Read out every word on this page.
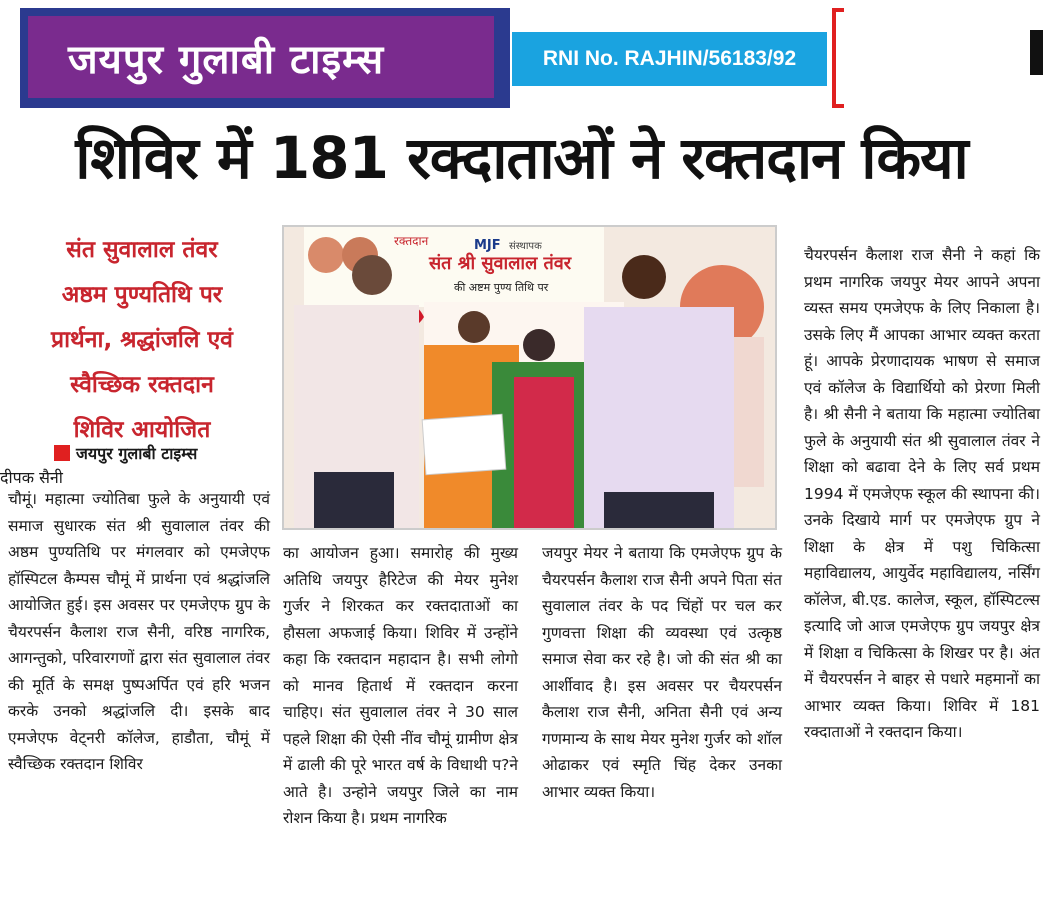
जयपुर गुलाबी टाइम्स	RNI No. RAJHIN/56183/92
शिविर में 181 रक्दाताओं ने रक्तदान किया
संत सुवालाल तंवर
अष्ठम पुण्यतिथि पर
प्रार्थना, श्रद्धांजलि एवं
स्वैच्छिक रक्तदान
शिविर आयोजित
जयपुर गुलाबी टाइम्स
दीपक सैनी
रक्तदान	MJF संस्थापक
संत श्री सुवालाल तंवर
की अष्टम पुण्य तिथि पर
चौमूं। महात्मा ज्योतिबा फुले के अनुयायी एवं समाज सुधारक संत श्री सुवालाल तंवर की अष्ठम पुण्यतिथि पर मंगलवार को एमजेएफ हॉस्पिटल कैम्पस चौमूं में प्रार्थना एवं श्रद्धांजलि आयोजित हुई। इस अवसर पर एमजेएफ ग्रुप के चैयरपर्सन कैलाश राज सैनी, वरिष्ठ नागरिक, आगन्तुको, परिवारगणों द्वारा संत सुवालाल तंवर की मूर्ति के समक्ष पुष्पअर्पित एवं हरि भजन करके उनको श्रद्धांजलि दी। इसके बाद एमजेएफ वेट्नरी कॉलेज, हाडौता, चौमूं में स्वैच्छिक रक्तदान शिविर
का आयोजन हुआ। समारोह की मुख्य अतिथि जयपुर हैरिटेज की मेयर मुनेश गुर्जर ने शिरकत कर रक्तदाताओं का हौसला अफजाई किया। शिविर में उन्होंने कहा कि रक्तदान महादान है। सभी लोगो को मानव हितार्थ में रक्तदान करना चाहिए। संत सुवालाल तंवर ने 30 साल पहले शिक्षा की ऐसी नींव चौमूं ग्रामीण क्षेत्र में ढाली की पूरे भारत वर्ष के विधाथी प?ने आते है। उन्होने जयपुर जिले का नाम रोशन किया है। प्रथम नागरिक
जयपुर मेयर ने बताया कि एमजेएफ ग्रुप के चैयरपर्सन कैलाश राज सैनी अपने पिता संत सुवालाल तंवर के पद चिंहों पर चल कर गुणवत्ता शिक्षा की व्यवस्था एवं उत्कृष्ठ समाज सेवा कर रहे है। जो की संत श्री का आर्शीवाद है। इस अवसर पर चैयरपर्सन कैलाश राज सैनी, अनिता सैनी एवं अन्य गणमान्य के साथ मेयर मुनेश गुर्जर को शॉल ओढाकर एवं स्मृति चिंह देकर उनका आभार व्यक्त किया।
चैयरपर्सन कैलाश राज सैनी ने कहां कि प्रथम नागरिक जयपुर मेयर आपने अपना व्यस्त समय एमजेएफ के लिए निकाला है। उसके लिए मैं आपका आभार व्यक्त करता हूं। आपके प्रेरणादायक भाषण से समाज एवं कॉलेज के विद्यार्थियो को प्रेरणा मिली है। श्री सैनी ने बताया कि महात्मा ज्योतिबा फुले के अनुयायी संत श्री सुवालाल तंवर ने शिक्षा को बढावा देने के लिए सर्व प्रथम 1994 में एमजेएफ स्कूल की स्थापना की। उनके दिखाये मार्ग पर एमजेएफ ग्रुप ने शिक्षा के क्षेत्र में पशु चिकित्सा महाविद्यालय, आयुर्वेद महाविद्यालय, नर्सिंग कॉलेज, बी.एड. कालेज, स्कूल, हॉस्पिटल्स इत्यादि जो आज एमजेएफ ग्रुप जयपुर क्षेत्र में शिक्षा व चिकित्सा के शिखर पर है। अंत में चैयरपर्सन ने बाहर से पधारे महमानों का आभार व्यक्त किया। शिविर में 181 रक्दाताओं ने रक्तदान किया।
